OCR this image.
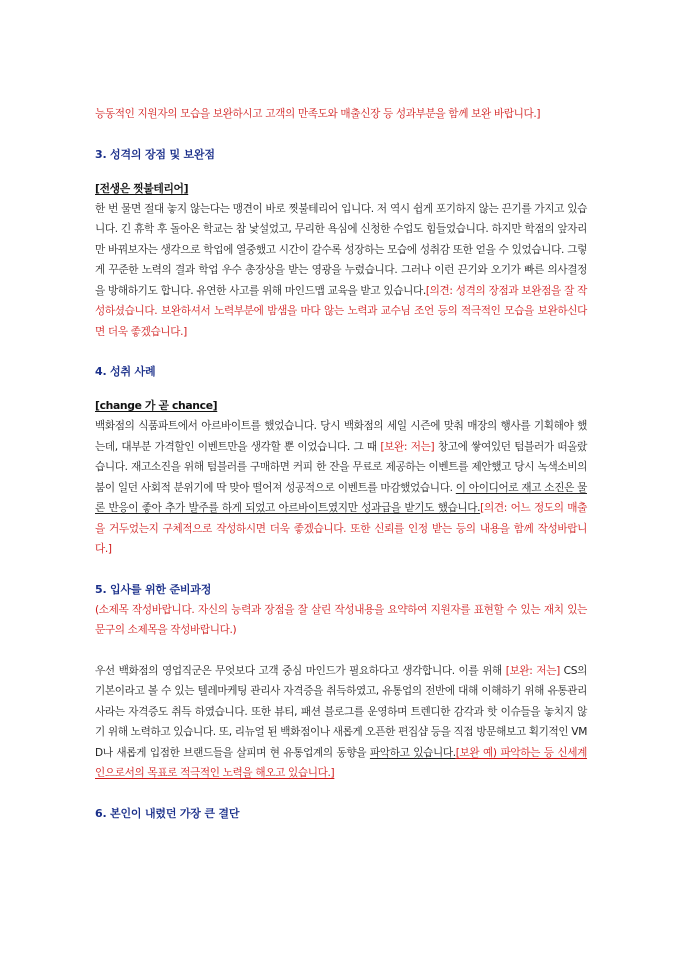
능동적인 지원자의 모습을 보완하시고 고객의 만족도와 매출신장 등 성과부분을 함께 보완 바랍니다.]

3. 성격의 장점 및 보완점

[전생은 찟불테리어]

한 번 물면 절대 놓지 않는다는 맹견이 바로 찟불테리어 입니다. 저 역시 쉽게 포기하지 않는 끈기를 가지고 있습니다. 긴 휴학 후 돌아온 학교는 참 낯설었고, 무리한 욕심에 신청한 수업도 힘들었습니다. 하지만 학점의 앞자리만 바꿔보자는 생각으로 학업에 열중했고 시간이 갈수록 성장하는 모습에 성취감 또한 얻을 수 있었습니다. 그렇게 꾸준한 노력의 결과 학업 우수 총장상을 받는 영광을 누렸습니다. 그러나 이런 끈기와 오기가 빠른 의사결정을 방해하기도 합니다. 유연한 사고를 위해 마인드맵 교육을 받고 있습니다.[의견: 성격의 장점과 보완점을 잘 작성하셨습니다. 보완하셔서 노력부분에 밤샘을 마다 않는 노력과 교수님 조언 등의 적극적인 모습을 보완하신다면 더욱 좋겠습니다.]

4. 성취 사례

[change 가 곧 chance]

백화점의 식품파트에서 아르바이트를 했었습니다. 당시 백화점의 세일 시즌에 맞춰 매장의 행사를 기획해야 했는데, 대부분 가격할인 이벤트만을 생각할 뿐 이었습니다. 그 때 [보완: 저는] 창고에 쌓여있던 텀블러가 떠올랐습니다. 재고소진을 위해 텀블러를 구매하면 커피 한 잔을 무료로 제공하는 이벤트를 제안했고 당시 녹색소비의 붐이 일던 사회적 분위기에 딱 맞아 떨어져 성공적으로 이벤트를 마감했었습니다. 이 아이디어로 재고 소진은 물론 반응이 좋아 추가 발주를 하게 되었고 아르바이트였지만 성과급을 받기도 했습니다.[의견: 어느 정도의 매출을 거두었는지 구체적으로 작성하시면 더욱 좋겠습니다. 또한 신뢰를 인정 받는 등의 내용을 함께 작성바랍니다.]

5. 입사를 위한 준비과정

(소제목 작성바랍니다. 자신의 능력과 장점을 잘 살린 작성내용을 요약하여 지원자를 표현할 수 있는 재치 있는 문구의 소제목을 작성바랍니다.)

우선 백화점의 영업직군은 무엇보다 고객 중심 마인드가 필요하다고 생각합니다. 이를 위해 [보완: 저는] CS의 기본이라고 볼 수 있는 텔레마케팅 관리사 자격증을 취득하였고, 유통업의 전반에 대해 이해하기 위해 유통관리사라는 자격증도 취득 하였습니다. 또한 뷰티, 패션 블로그를 운영하며 트렌디한 감각과 핫 이슈들을 놓치지 않기 위해 노력하고 있습니다. 또, 리뉴얼 된 백화점이나 새롭게 오픈한 편집샵 등을 직접 방문해보고 획기적인 VMD나 새롭게 입점한 브랜드들을 살피며 현 유통업계의 동향을 파악하고 있습니다.[보완 예) 파악하는 등 신세계인으로서의 목표로 적극적인 노력을 해오고 있습니다.]

6. 본인이 내렸던 가장 큰 결단
